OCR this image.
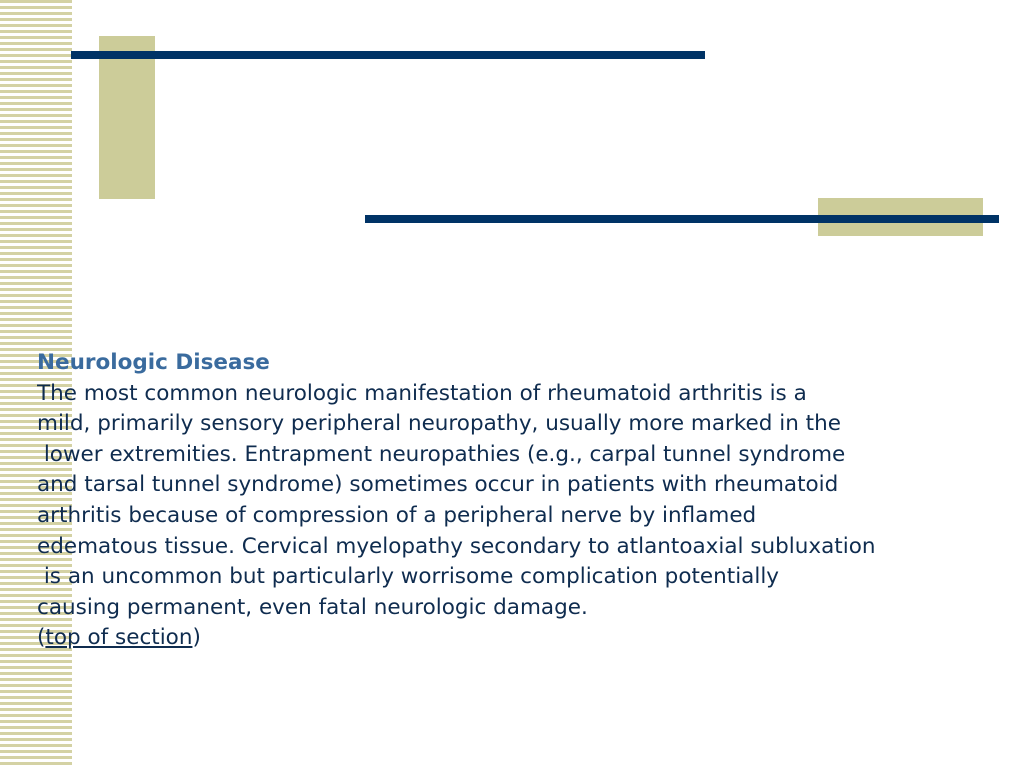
Neurologic Disease
The most common neurologic manifestation of rheumatoid arthritis is a
mild, primarily sensory peripheral neuropathy, usually more marked in the
lower extremities. Entrapment neuropathies (e.g., carpal tunnel syndrome
and tarsal tunnel syndrome) sometimes occur in patients with rheumatoid
arthritis because of compression of a peripheral nerve by inflamed
edematous tissue. Cervical myelopathy secondary to atlantoaxial subluxation
is an uncommon but particularly worrisome complication potentially
causing permanent, even fatal neurologic damage.
(top of section)
